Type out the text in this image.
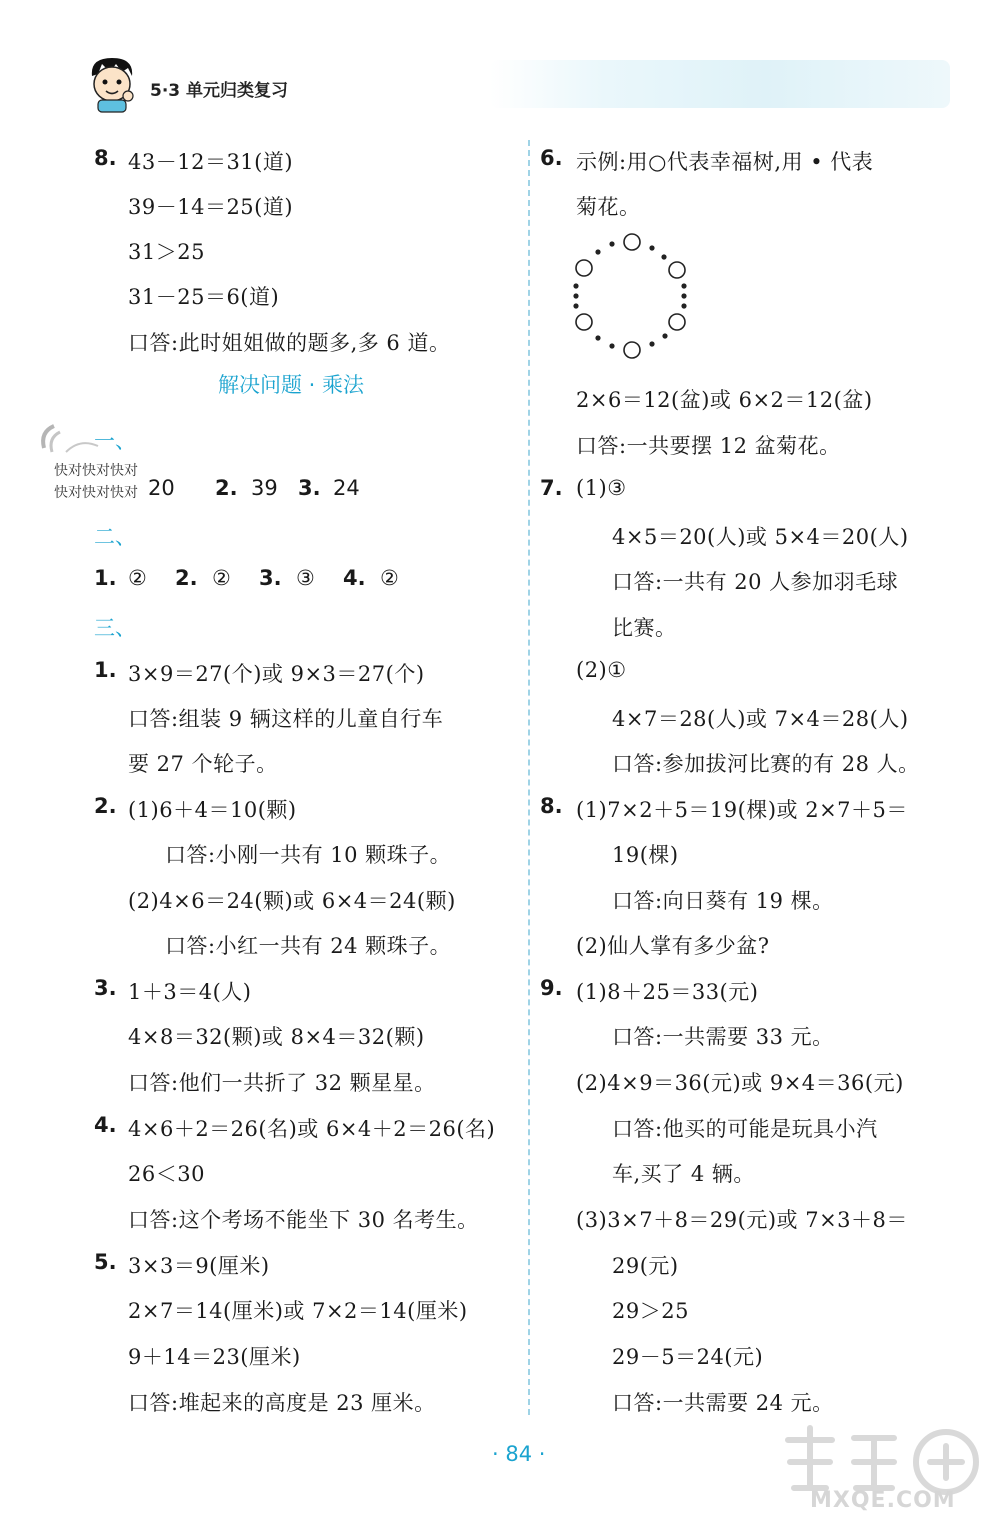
5·3 单元归类复习
8. 43－12＝31(道)
39－14＝25(道)
31＞25
31－25＝6(道)
口答:此时姐姐做的题多,多 6 道。
解决问题 · 乘法
一、
快对快对快对
快对快对快对 20 2. 39 3. 24
二、
1. ② 2. ② 3. ③ 4. ②
三、
1. 3×9＝27(个)或 9×3＝27(个)
口答:组装 9 辆这样的儿童自行车
要 27 个轮子。
2. (1)6＋4＝10(颗)
口答:小刚一共有 10 颗珠子。
(2)4×6＝24(颗)或 6×4＝24(颗)
口答:小红一共有 24 颗珠子。
3. 1＋3＝4(人)
4×8＝32(颗)或 8×4＝32(颗)
口答:他们一共折了 32 颗星星。
4. 4×6＋2＝26(名)或 6×4＋2＝26(名)
26＜30
口答:这个考场不能坐下 30 名考生。
5. 3×3＝9(厘米)
2×7＝14(厘米)或 7×2＝14(厘米)
9＋14＝23(厘米)
口答:堆起来的高度是 23 厘米。
6. 示例:用○代表幸福树,用 • 代表
菊花。
2×6＝12(盆)或 6×2＝12(盆)
口答:一共要摆 12 盆菊花。
7. (1)③
4×5＝20(人)或 5×4＝20(人)
口答:一共有 20 人参加羽毛球
比赛。
(2)①
4×7＝28(人)或 7×4＝28(人)
口答:参加拔河比赛的有 28 人。
8. (1)7×2＋5＝19(棵)或 2×7＋5＝
19(棵)
口答:向日葵有 19 棵。
(2)仙人掌有多少盆?
9. (1)8＋25＝33(元)
口答:一共需要 33 元。
(2)4×9＝36(元)或 9×4＝36(元)
口答:他买的可能是玩具小汽
车,买了 4 辆。
(3)3×7＋8＝29(元)或 7×3＋8＝
29(元)
29＞25
29－5＝24(元)
口答:一共需要 24 元。
· 84 ·
MXQE.COM
